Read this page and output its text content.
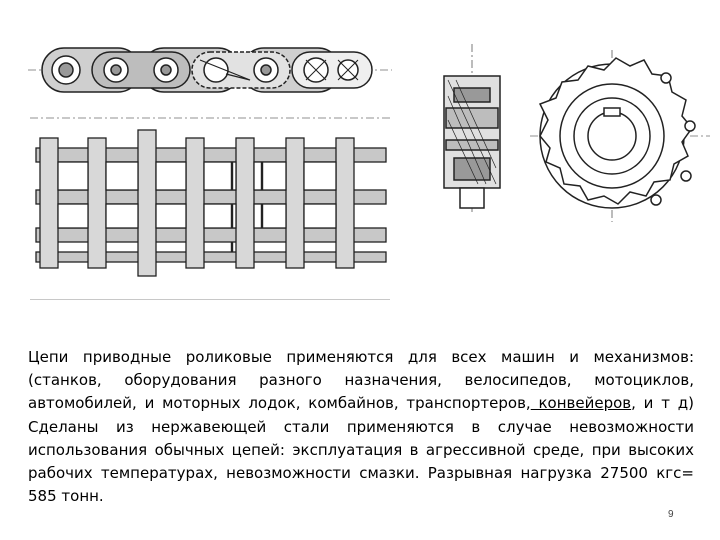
Цепи приводные роликовые применяются для всех машин и механизмов: (станков, оборудования разного назначения, велосипедов, мотоциклов, автомобилей, и моторных лодок, комбайнов, транспортеров, конвейеров, и т д) Сделаны из нержавеющей стали применяются в случае невозможности использования обычных цепей: эксплуатация в агрессивной среде, при высоких рабочих температурах, невозможности смазки. Разрывная нагрузка 27500 кгс= 585 тонн.

9
